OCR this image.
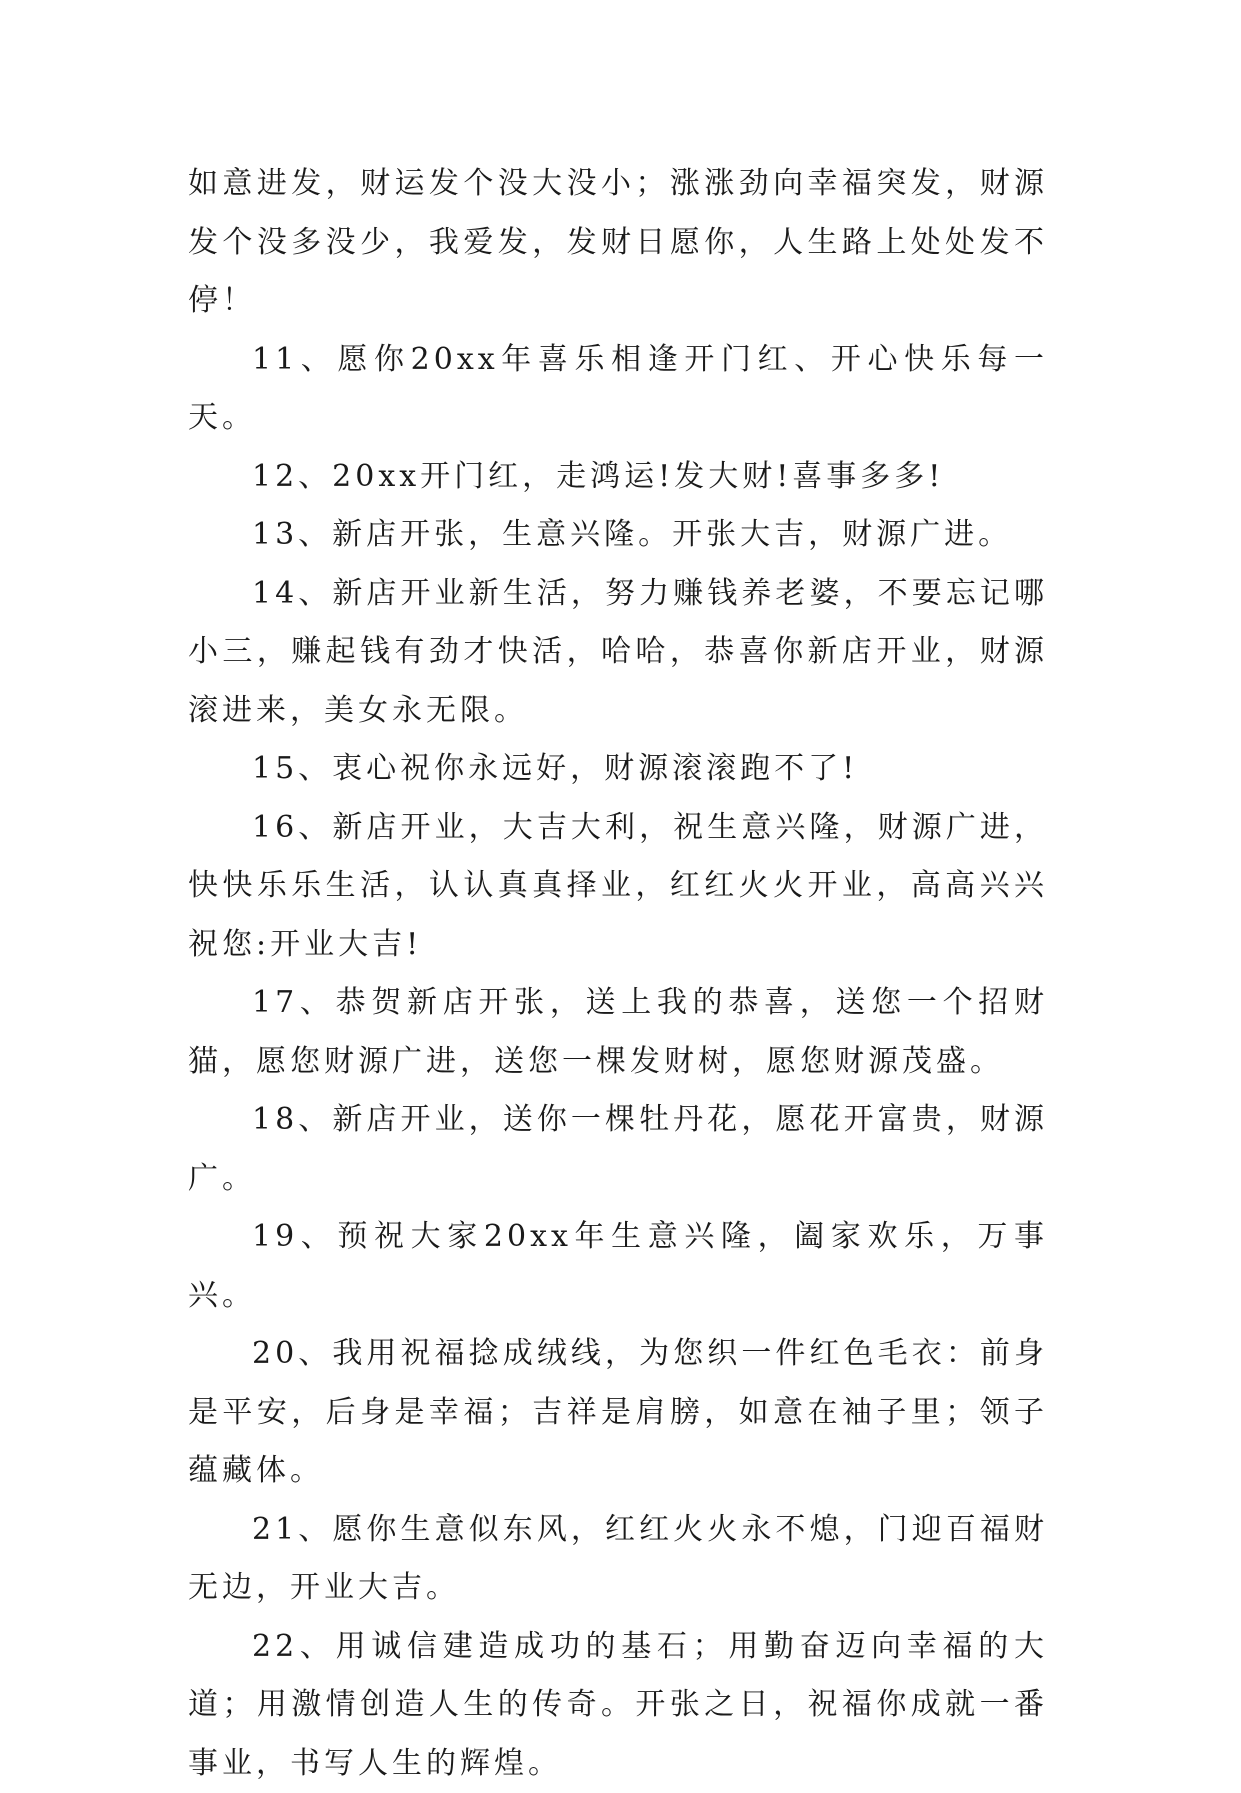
如意进发，财运发个没大没小；涨涨劲向幸福突发，财源发个没多没少，我爱发，发财日愿你，人生路上处处发不停！

11、愿你20xx年喜乐相逢开门红、开心快乐每一天。

12、20xx开门红，走鸿运!发大财!喜事多多!

13、新店开张，生意兴隆。开张大吉，财源广进。

14、新店开业新生活，努力赚钱养老婆，不要忘记哪小三，赚起钱有劲才快活，哈哈，恭喜你新店开业，财源滚进来，美女永无限。

15、衷心祝你永远好，财源滚滚跑不了!

16、新店开业，大吉大利，祝生意兴隆，财源广进，快快乐乐生活，认认真真择业，红红火火开业，高高兴兴祝您:开业大吉!

17、恭贺新店开张，送上我的恭喜，送您一个招财猫，愿您财源广进，送您一棵发财树，愿您财源茂盛。

18、新店开业，送你一棵牡丹花，愿花开富贵，财源广。

19、预祝大家20xx年生意兴隆，阖家欢乐，万事兴。

20、我用祝福捻成绒线，为您织一件红色毛衣：前身是平安，后身是幸福；吉祥是肩膀，如意在袖子里；领子蕴藏体。

21、愿你生意似东风，红红火火永不熄，门迎百福财无边，开业大吉。

22、用诚信建造成功的基石；用勤奋迈向幸福的大道；用激情创造人生的传奇。开张之日，祝福你成就一番事业，书写人生的辉煌。
